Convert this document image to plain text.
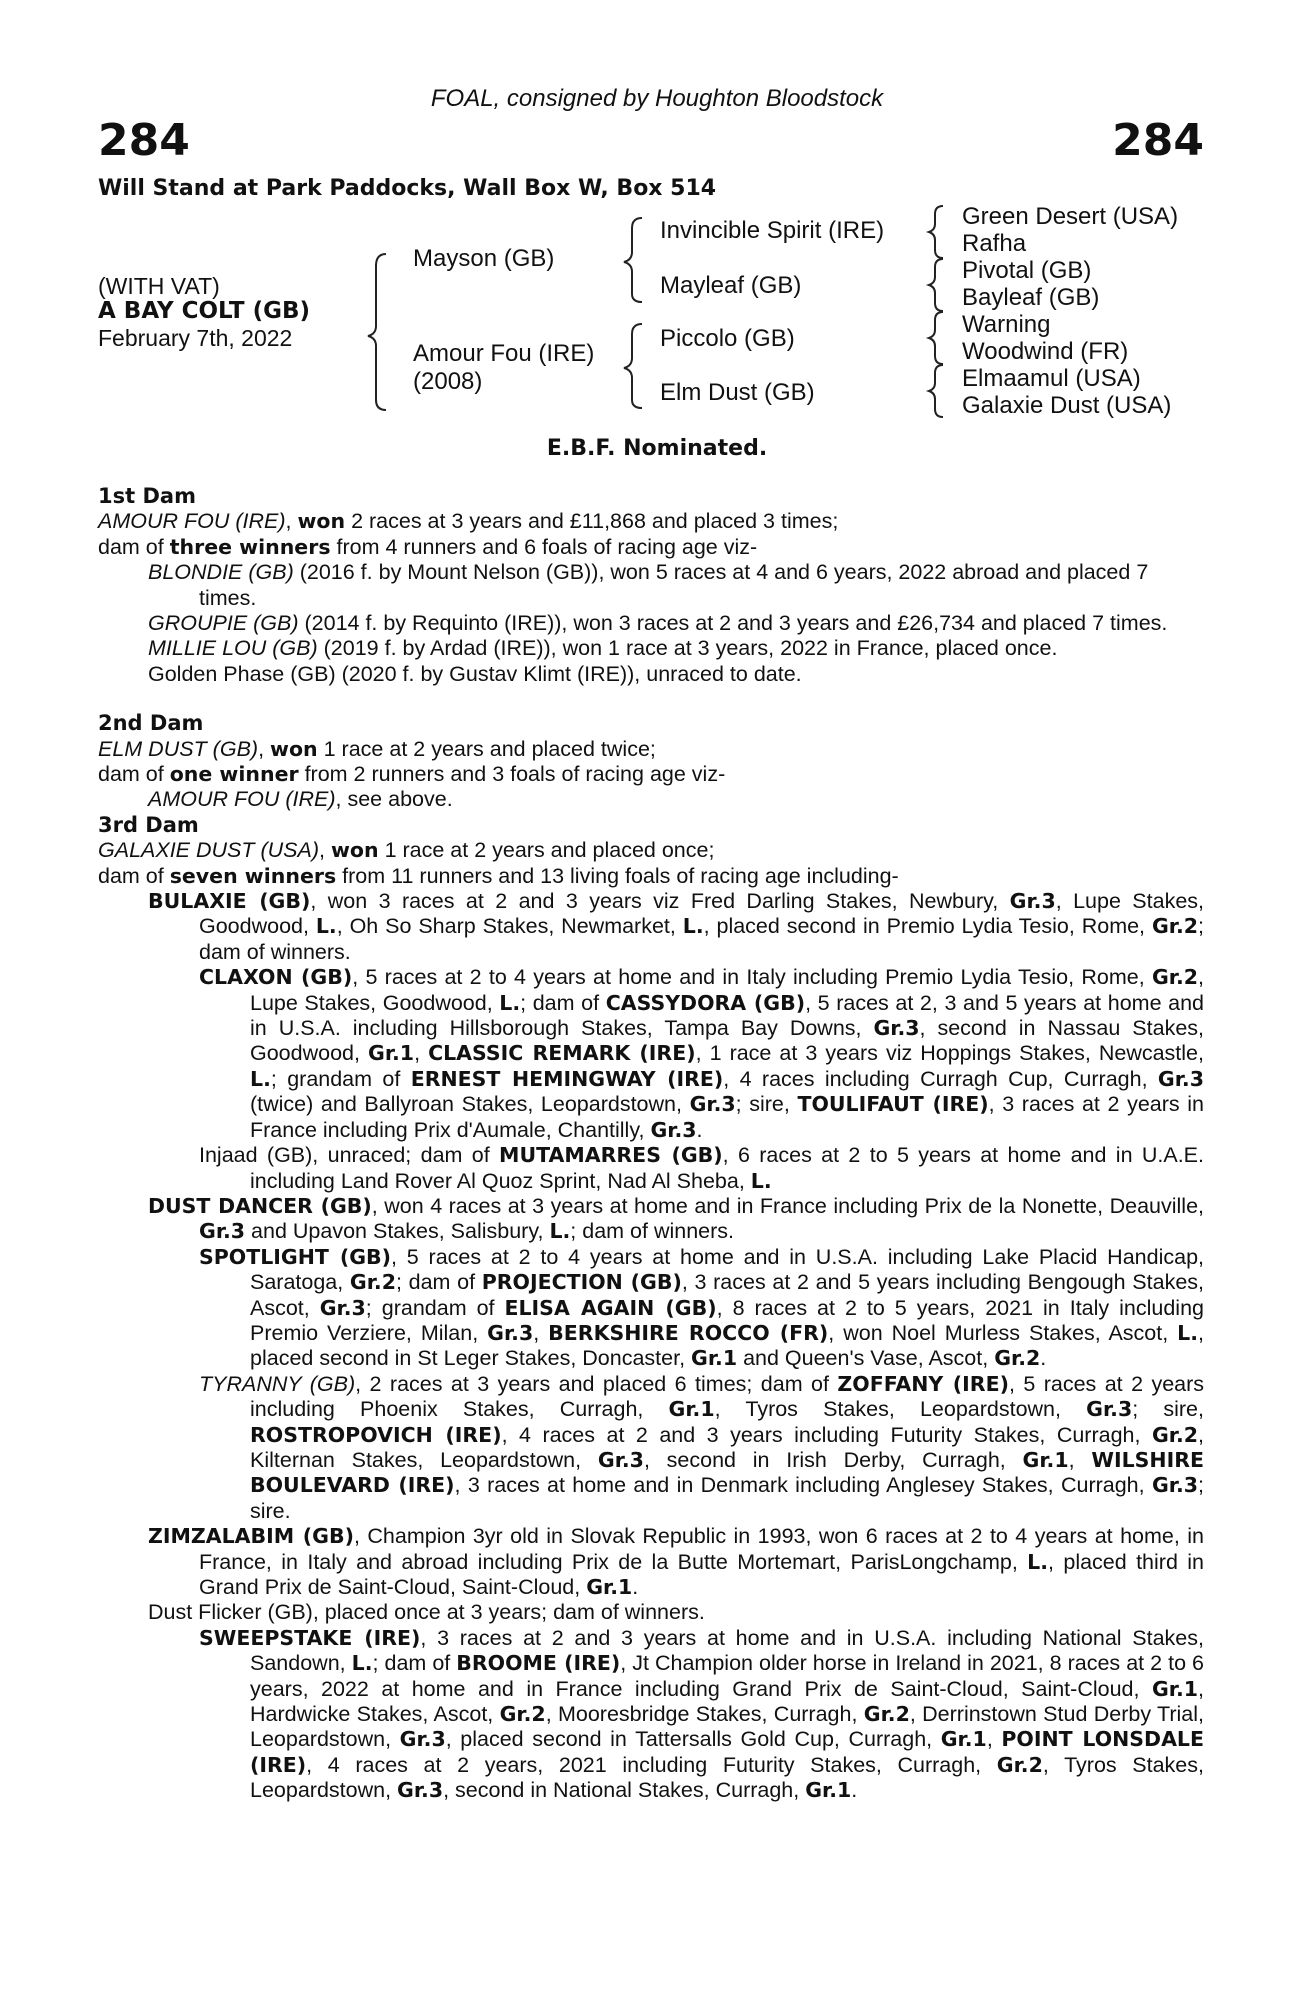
FOAL, consigned by Houghton Bloodstock
284	284
Will Stand at Park Paddocks, Wall Box W, Box 514
(WITH VAT)
A BAY COLT (GB)
February 7th, 2022
Mayson (GB)
Amour Fou (IRE)
(2008)
Invincible Spirit (IRE)
Mayleaf (GB)
Piccolo (GB)
Elm Dust (GB)
Green Desert (USA)
Rafha
Pivotal (GB)
Bayleaf (GB)
Warning
Woodwind (FR)
Elmaamul (USA)
Galaxie Dust (USA)
E.B.F. Nominated.
1st Dam

AMOUR FOU (IRE), won 2 races at 3 years and £11,868 and placed 3 times;

dam of three winners from 4 runners and 6 foals of racing age viz-

BLONDIE (GB) (2016 f. by Mount Nelson (GB)), won 5 races at 4 and 6 years, 2022 abroad and placed 7 times.

GROUPIE (GB) (2014 f. by Requinto (IRE)), won 3 races at 2 and 3 years and £26,734 and placed 7 times.

MILLIE LOU (GB) (2019 f. by Ardad (IRE)), won 1 race at 3 years, 2022 in France, placed once.

Golden Phase (GB) (2020 f. by Gustav Klimt (IRE)), unraced to date.

2nd Dam

ELM DUST (GB), won 1 race at 2 years and placed twice;

dam of one winner from 2 runners and 3 foals of racing age viz-

AMOUR FOU (IRE), see above.

3rd Dam

GALAXIE DUST (USA), won 1 race at 2 years and placed once;

dam of seven winners from 11 runners and 13 living foals of racing age including-

BULAXIE (GB), won 3 races at 2 and 3 years viz Fred Darling Stakes, Newbury, Gr.3, Lupe Stakes, Goodwood, L., Oh So Sharp Stakes, Newmarket, L., placed second in Premio Lydia Tesio, Rome, Gr.2; dam of winners.

CLAXON (GB), 5 races at 2 to 4 years at home and in Italy including Premio Lydia Tesio, Rome, Gr.2, Lupe Stakes, Goodwood, L.; dam of CASSYDORA (GB), 5 races at 2, 3 and 5 years at home and in U.S.A. including Hillsborough Stakes, Tampa Bay Downs, Gr.3, second in Nassau Stakes, Goodwood, Gr.1, CLASSIC REMARK (IRE), 1 race at 3 years viz Hoppings Stakes, Newcastle, L.; grandam of ERNEST HEMINGWAY (IRE), 4 races including Curragh Cup, Curragh, Gr.3 (twice) and Ballyroan Stakes, Leopardstown, Gr.3; sire, TOULIFAUT (IRE), 3 races at 2 years in France including Prix d'Aumale, Chantilly, Gr.3.

Injaad (GB), unraced; dam of MUTAMARRES (GB), 6 races at 2 to 5 years at home and in U.A.E. including Land Rover Al Quoz Sprint, Nad Al Sheba, L.

DUST DANCER (GB), won 4 races at 3 years at home and in France including Prix de la Nonette, Deauville, Gr.3 and Upavon Stakes, Salisbury, L.; dam of winners.

SPOTLIGHT (GB), 5 races at 2 to 4 years at home and in U.S.A. including Lake Placid Handicap, Saratoga, Gr.2; dam of PROJECTION (GB), 3 races at 2 and 5 years including Bengough Stakes, Ascot, Gr.3; grandam of ELISA AGAIN (GB), 8 races at 2 to 5 years, 2021 in Italy including Premio Verziere, Milan, Gr.3, BERKSHIRE ROCCO (FR), won Noel Murless Stakes, Ascot, L., placed second in St Leger Stakes, Doncaster, Gr.1 and Queen's Vase, Ascot, Gr.2.

TYRANNY (GB), 2 races at 3 years and placed 6 times; dam of ZOFFANY (IRE), 5 races at 2 years including Phoenix Stakes, Curragh, Gr.1, Tyros Stakes, Leopardstown, Gr.3; sire, ROSTROPOVICH (IRE), 4 races at 2 and 3 years including Futurity Stakes, Curragh, Gr.2, Kilternan Stakes, Leopardstown, Gr.3, second in Irish Derby, Curragh, Gr.1, WILSHIRE BOULEVARD (IRE), 3 races at home and in Denmark including Anglesey Stakes, Curragh, Gr.3; sire.

ZIMZALABIM (GB), Champion 3yr old in Slovak Republic in 1993, won 6 races at 2 to 4 years at home, in France, in Italy and abroad including Prix de la Butte Mortemart, ParisLongchamp, L., placed third in Grand Prix de Saint-Cloud, Saint-Cloud, Gr.1.

Dust Flicker (GB), placed once at 3 years; dam of winners.

SWEEPSTAKE (IRE), 3 races at 2 and 3 years at home and in U.S.A. including National Stakes, Sandown, L.; dam of BROOME (IRE), Jt Champion older horse in Ireland in 2021, 8 races at 2 to 6 years, 2022 at home and in France including Grand Prix de Saint-Cloud, Saint-Cloud, Gr.1, Hardwicke Stakes, Ascot, Gr.2, Mooresbridge Stakes, Curragh, Gr.2, Derrinstown Stud Derby Trial, Leopardstown, Gr.3, placed second in Tattersalls Gold Cup, Curragh, Gr.1, POINT LONSDALE (IRE), 4 races at 2 years, 2021 including Futurity Stakes, Curragh, Gr.2, Tyros Stakes, Leopardstown, Gr.3, second in National Stakes, Curragh, Gr.1.
